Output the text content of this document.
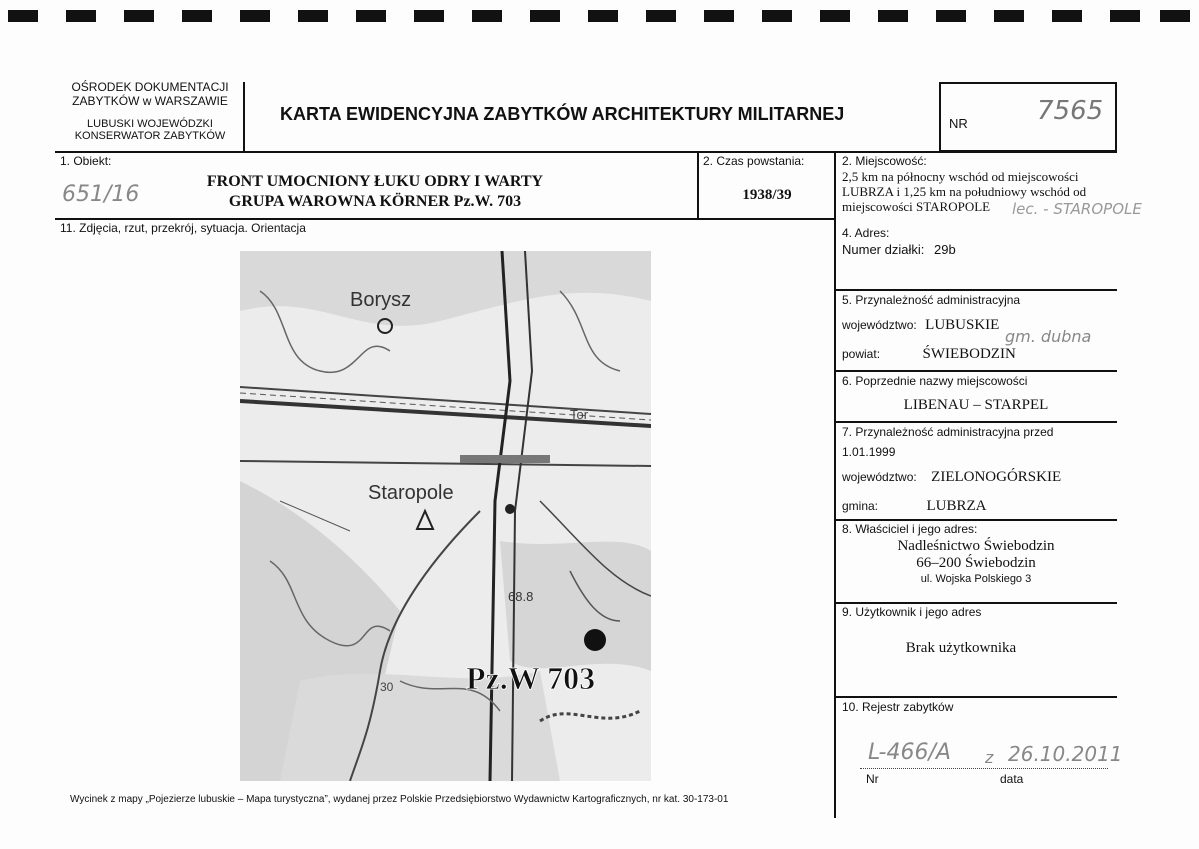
OŚRODEK DOKUMENTACJI
ZABYTKÓW w WARSZAWIE
LUBUSKI WOJEWÓDZKI
KONSERWATOR ZABYTKÓW
KARTA EWIDENCYJNA ZABYTKÓW ARCHITEKTURY MILITARNEJ	NR	7565
1. Obiekt:
651/16
FRONT UMOCNIONY ŁUKU ODRY I WARTY
GRUPA WAROWNA KÖRNER Pz.W. 703
2. Czas powstania:
1938/39
2. Miejscowość:
2,5 km na północny wschód od miejscowości
LUBRZA i 1,25 km na południowy wschód od
miejscowości STAROPOLE	lec. - STAROPOLE
11. Zdjęcia, rzut, przekrój, sytuacja. Orientacja
Borysz
Staropole
68.8
Tor
30 Pz.W 703
Wycinek z mapy „Pojezierze lubuskie – Mapa turystyczna”, wydanej przez Polskie Przedsiębiorstwo Wydawnictw Kartograficznych, nr kat. 30-173-01
4. Adres:
Numer działki: 29b
5. Przynależność administracyjna
województwo: LUBUSKIE
gm. dubna
powiat:	ŚWIEBODZIN
6. Poprzednie nazwy miejscowości
LIBENAU – STARPEL
7. Przynależność administracyjna przed
1.01.1999
województwo: ZIELONOGÓRSKIE
gmina:	LUBRZA
8. Właściciel i jego adres:
Nadleśnictwo Świebodzin
66–200 Świebodzin
ul. Wojska Polskiego 3
9. Użytkownik i jego adres
Brak użytkownika
10. Rejestr zabytków
L-466/A z 26.10.2011
Nr	data
